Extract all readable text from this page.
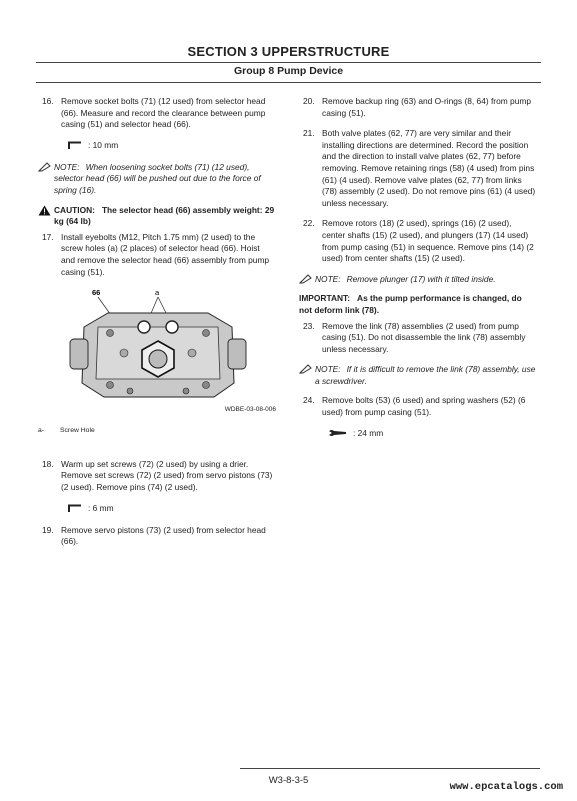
SECTION 3 UPPERSTRUCTURE
Group 8 Pump Device
16. Remove socket bolts (71) (12 used) from selector head (66). Measure and record the clearance between pump casing (51) and selector head (66).
: 10 mm
NOTE: When loosening socket bolts (71) (12 used), selector head (66) will be pushed out due to the force of spring (16).
CAUTION: The selector head (66) assembly weight: 29 kg (64 lb)
17. Install eyebolts (M12, Pitch 1.75 mm) (2 used) to the screw holes (a) (2 places) of selector head (66). Hoist and remove the selector head (66) assembly from pump casing (51).
66	a
WDBE-03-08-006
a- Screw Hole
18. Warm up set screws (72) (2 used) by using a drier. Remove set screws (72) (2 used) from servo pistons (73) (2 used). Remove pins (74) (2 used).
: 6 mm
19. Remove servo pistons (73) (2 used) from selector head (66).
20. Remove backup ring (63) and O-rings (8, 64) from pump casing (51).
21. Both valve plates (62, 77) are very similar and their installing directions are determined. Record the position and the direction to install valve plates (62, 77) before removing. Remove retaining rings (58) (4 used) from pins (61) (4 used). Remove valve plates (62, 77) from links (78) assembly (2 used). Do not remove pins (61) (4 used) unless necessary.
22. Remove rotors (18) (2 used), springs (16) (2 used), center shafts (15) (2 used), and plungers (17) (14 used) from pump casing (51) in sequence. Remove pins (14) (2 used) from center shafts (15) (2 used).
NOTE: Remove plunger (17) with it tilted inside.
IMPORTANT: As the pump performance is changed, do not deform link (78).
23. Remove the link (78) assemblies (2 used) from pump casing (51). Do not disassemble the link (78) assembly unless necessary.
NOTE: If it is difficult to remove the link (78) assembly, use a screwdriver.
24. Remove bolts (53) (6 used) and spring washers (52) (6 used) from pump casing (51).
: 24 mm
W3-8-3-5
www.epcatalogs.com
